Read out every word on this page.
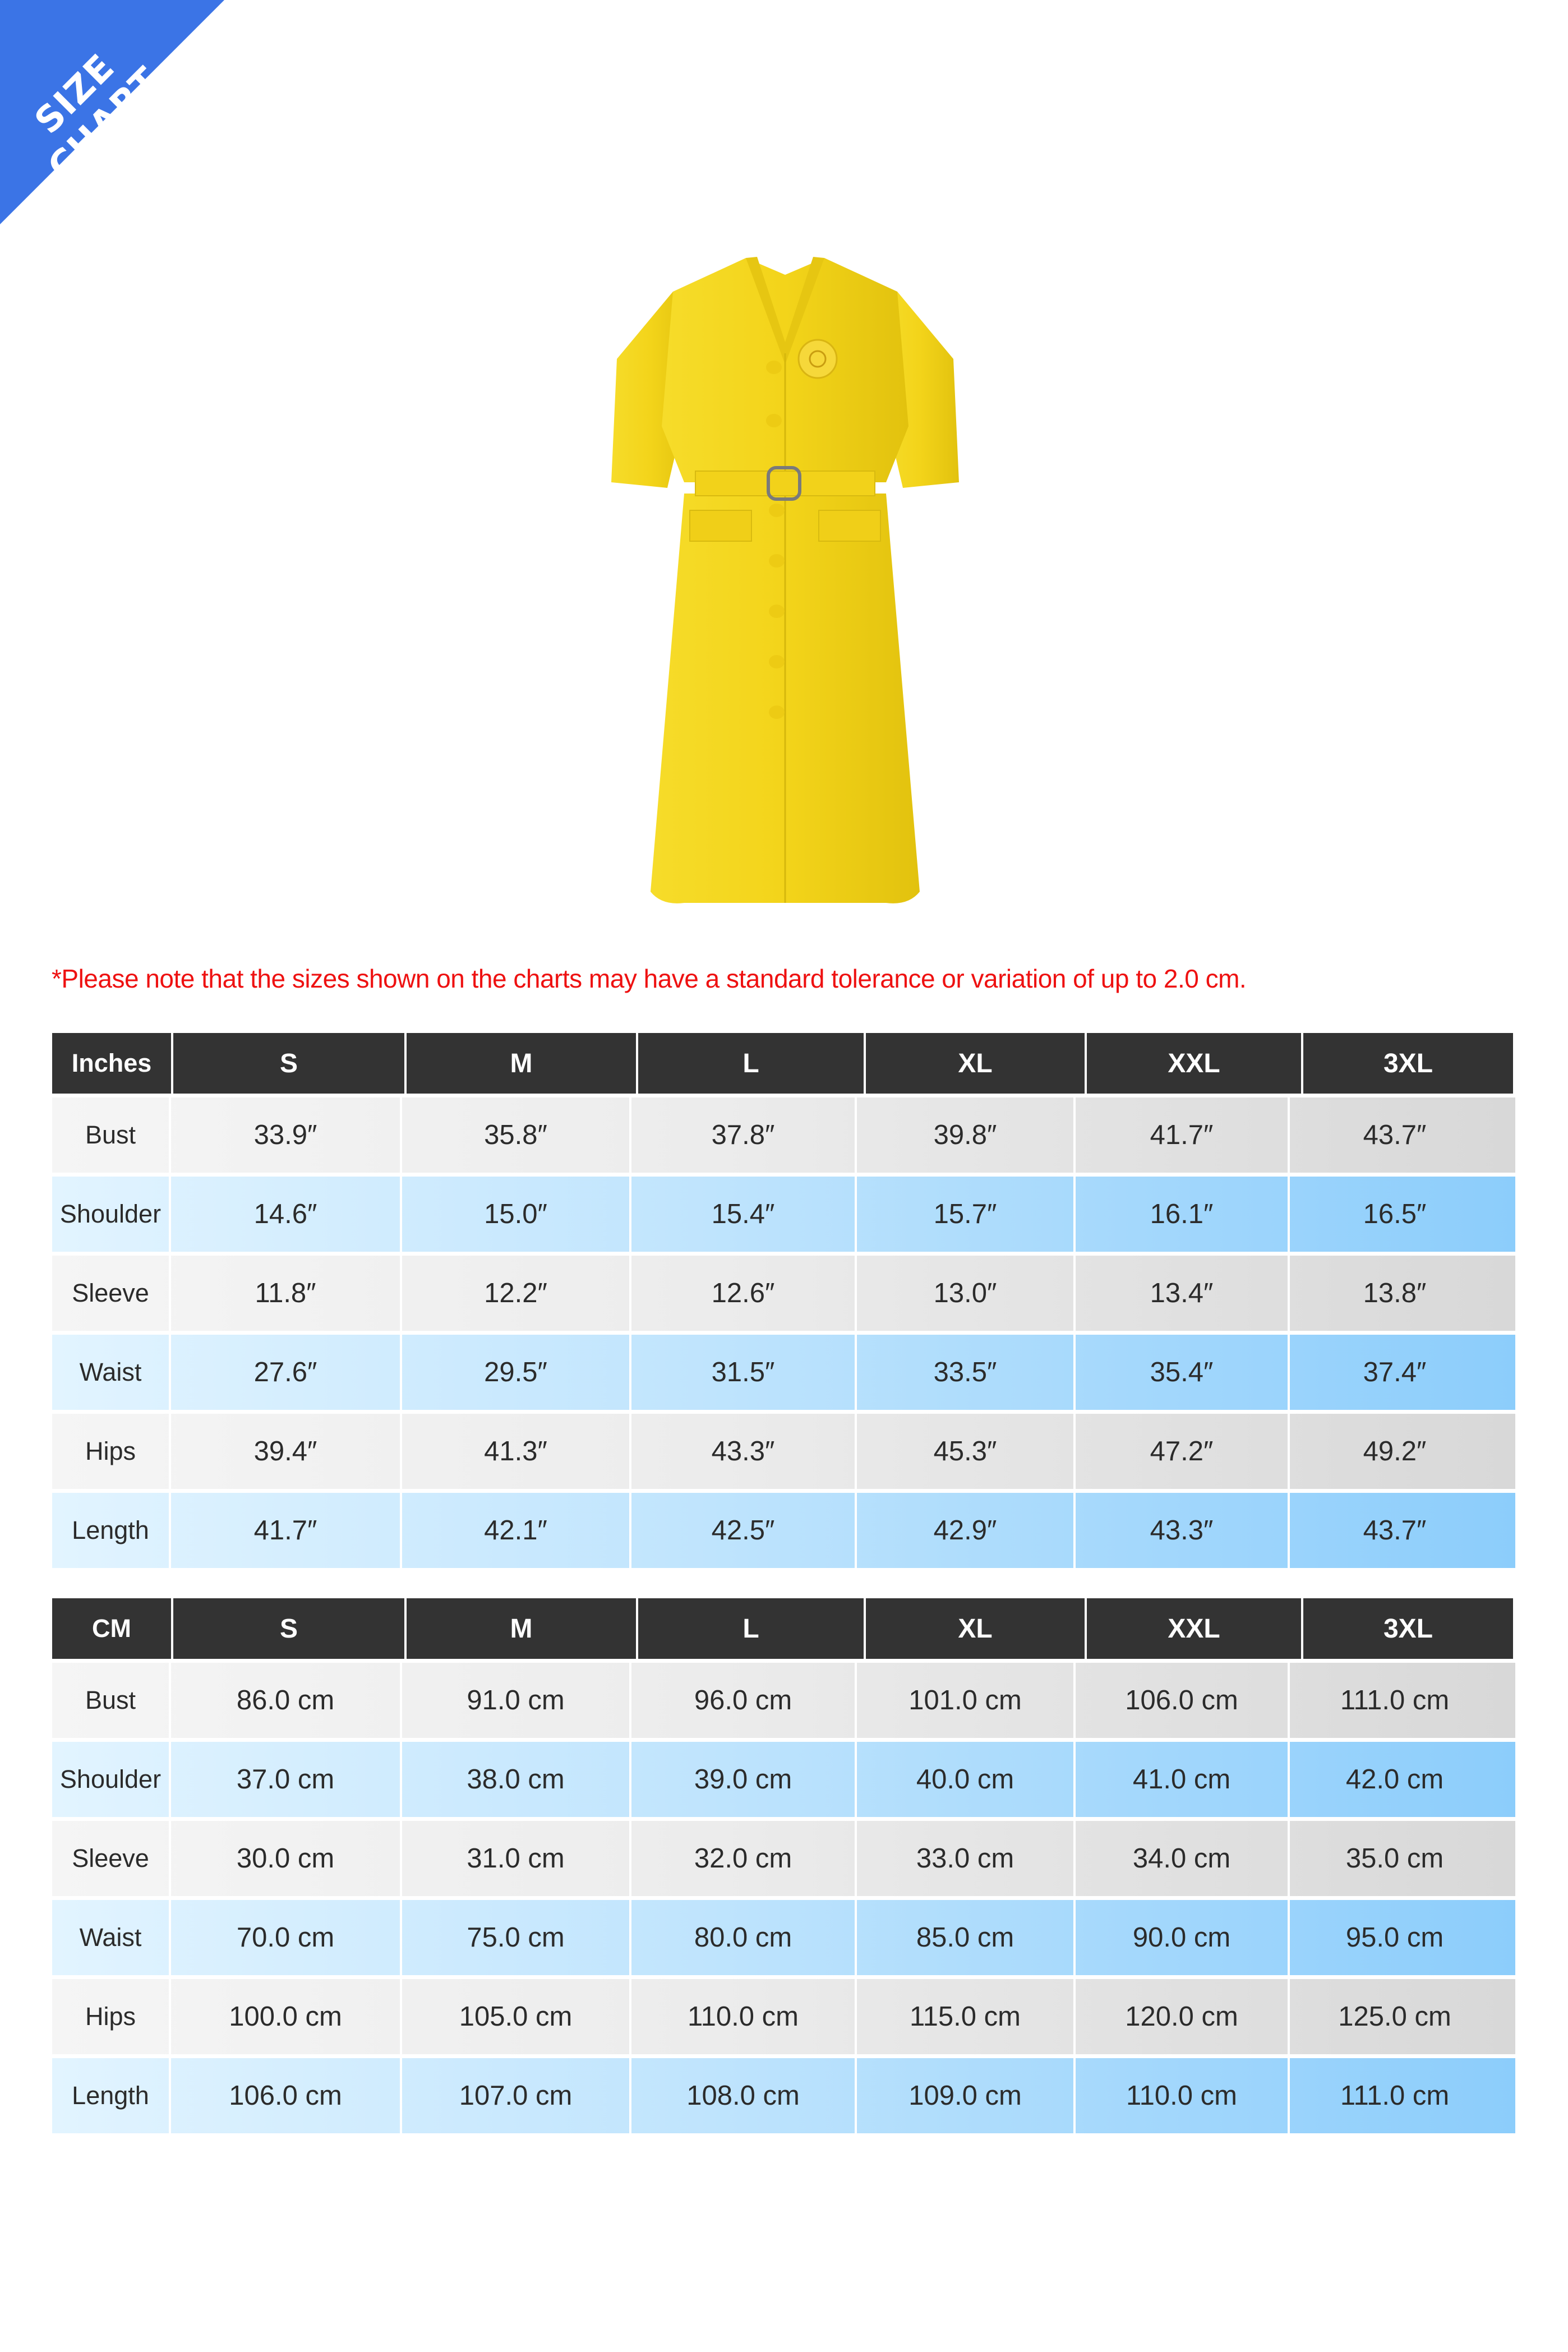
SIZE CHART
*Please note that the sizes shown on the charts may have a standard tolerance or variation of up to 2.0 cm.
Inches	S	M	L	XL	XXL	3XL
Bust	33.9″	35.8″	37.8″	39.8″	41.7″	43.7″
Shoulder	14.6″	15.0″	15.4″	15.7″	16.1″	16.5″
Sleeve	11.8″	12.2″	12.6″	13.0″	13.4″	13.8″
Waist	27.6″	29.5″	31.5″	33.5″	35.4″	37.4″
Hips	39.4″	41.3″	43.3″	45.3″	47.2″	49.2″
Length	41.7″	42.1″	42.5″	42.9″	43.3″	43.7″
CM	S	M	L	XL	XXL	3XL
Bust	86.0 cm	91.0 cm	96.0 cm	101.0 cm	106.0 cm	111.0 cm
Shoulder	37.0 cm	38.0 cm	39.0 cm	40.0 cm	41.0 cm	42.0 cm
Sleeve	30.0 cm	31.0 cm	32.0 cm	33.0 cm	34.0 cm	35.0 cm
Waist	70.0 cm	75.0 cm	80.0 cm	85.0 cm	90.0 cm	95.0 cm
Hips	100.0 cm	105.0 cm	110.0 cm	115.0 cm	120.0 cm	125.0 cm
Length	106.0 cm	107.0 cm	108.0 cm	109.0 cm	110.0 cm	111.0 cm
